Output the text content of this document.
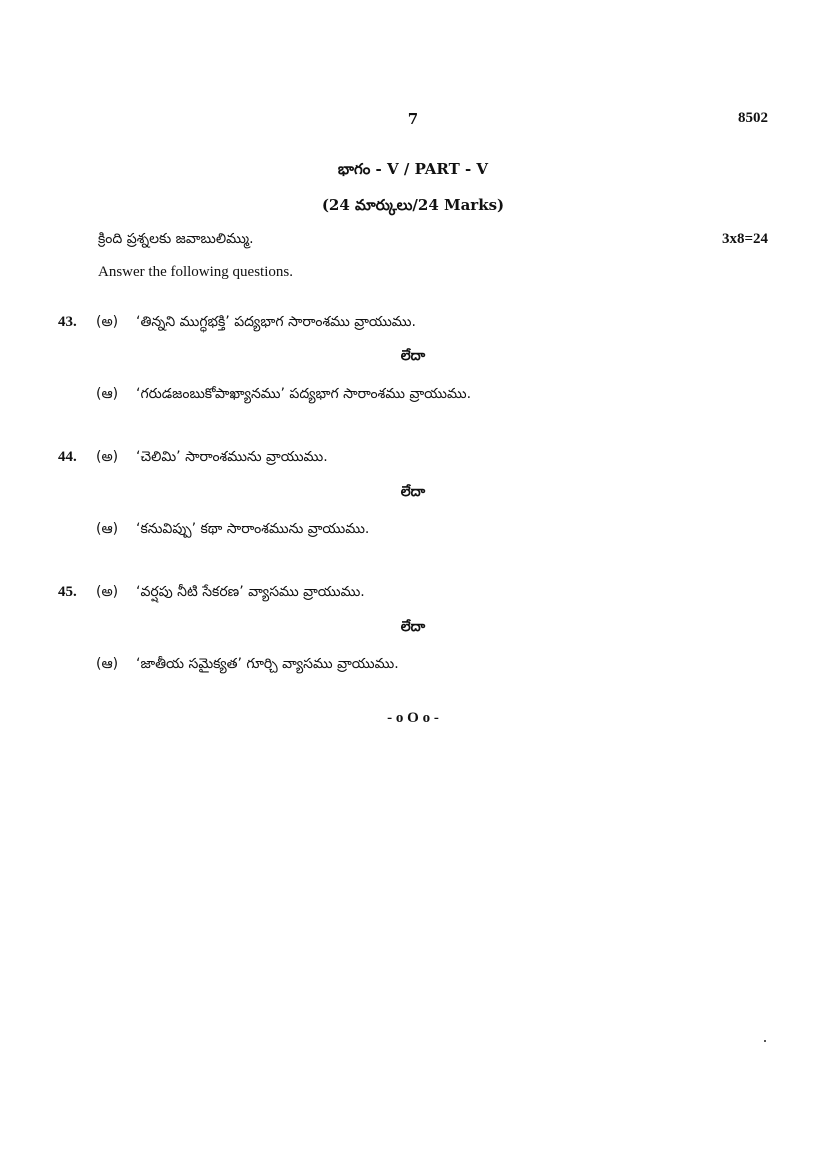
7	8502
భాగం - V / PART - V
(24 మార్కులు/24 Marks)
క్రింది ప్రశ్నలకు జవాబులిమ్ము.	3x8=24
Answer the following questions.
43. (అ) ‘తిన్నని ముగ్ధభక్తి’ పద్యభాగ సారాంశము వ్రాయుము.
లేదా
(ఆ) ‘గరుడజంబుకోపాఖ్యానము’ పద్యభాగ సారాంశము వ్రాయుము.
44. (అ) ‘చెలిమి’ సారాంశమును వ్రాయుము.
లేదా
(ఆ) ‘కనువిప్పు’ కథా సారాంశమును వ్రాయుము.
45. (అ) ‘వర్షపు నీటి సేకరణ’ వ్యాసము వ్రాయుము.
లేదా
(ఆ) ‘జాతీయ సమైక్యత’ గూర్చి వ్యాసము వ్రాయుము.
- o O o -
